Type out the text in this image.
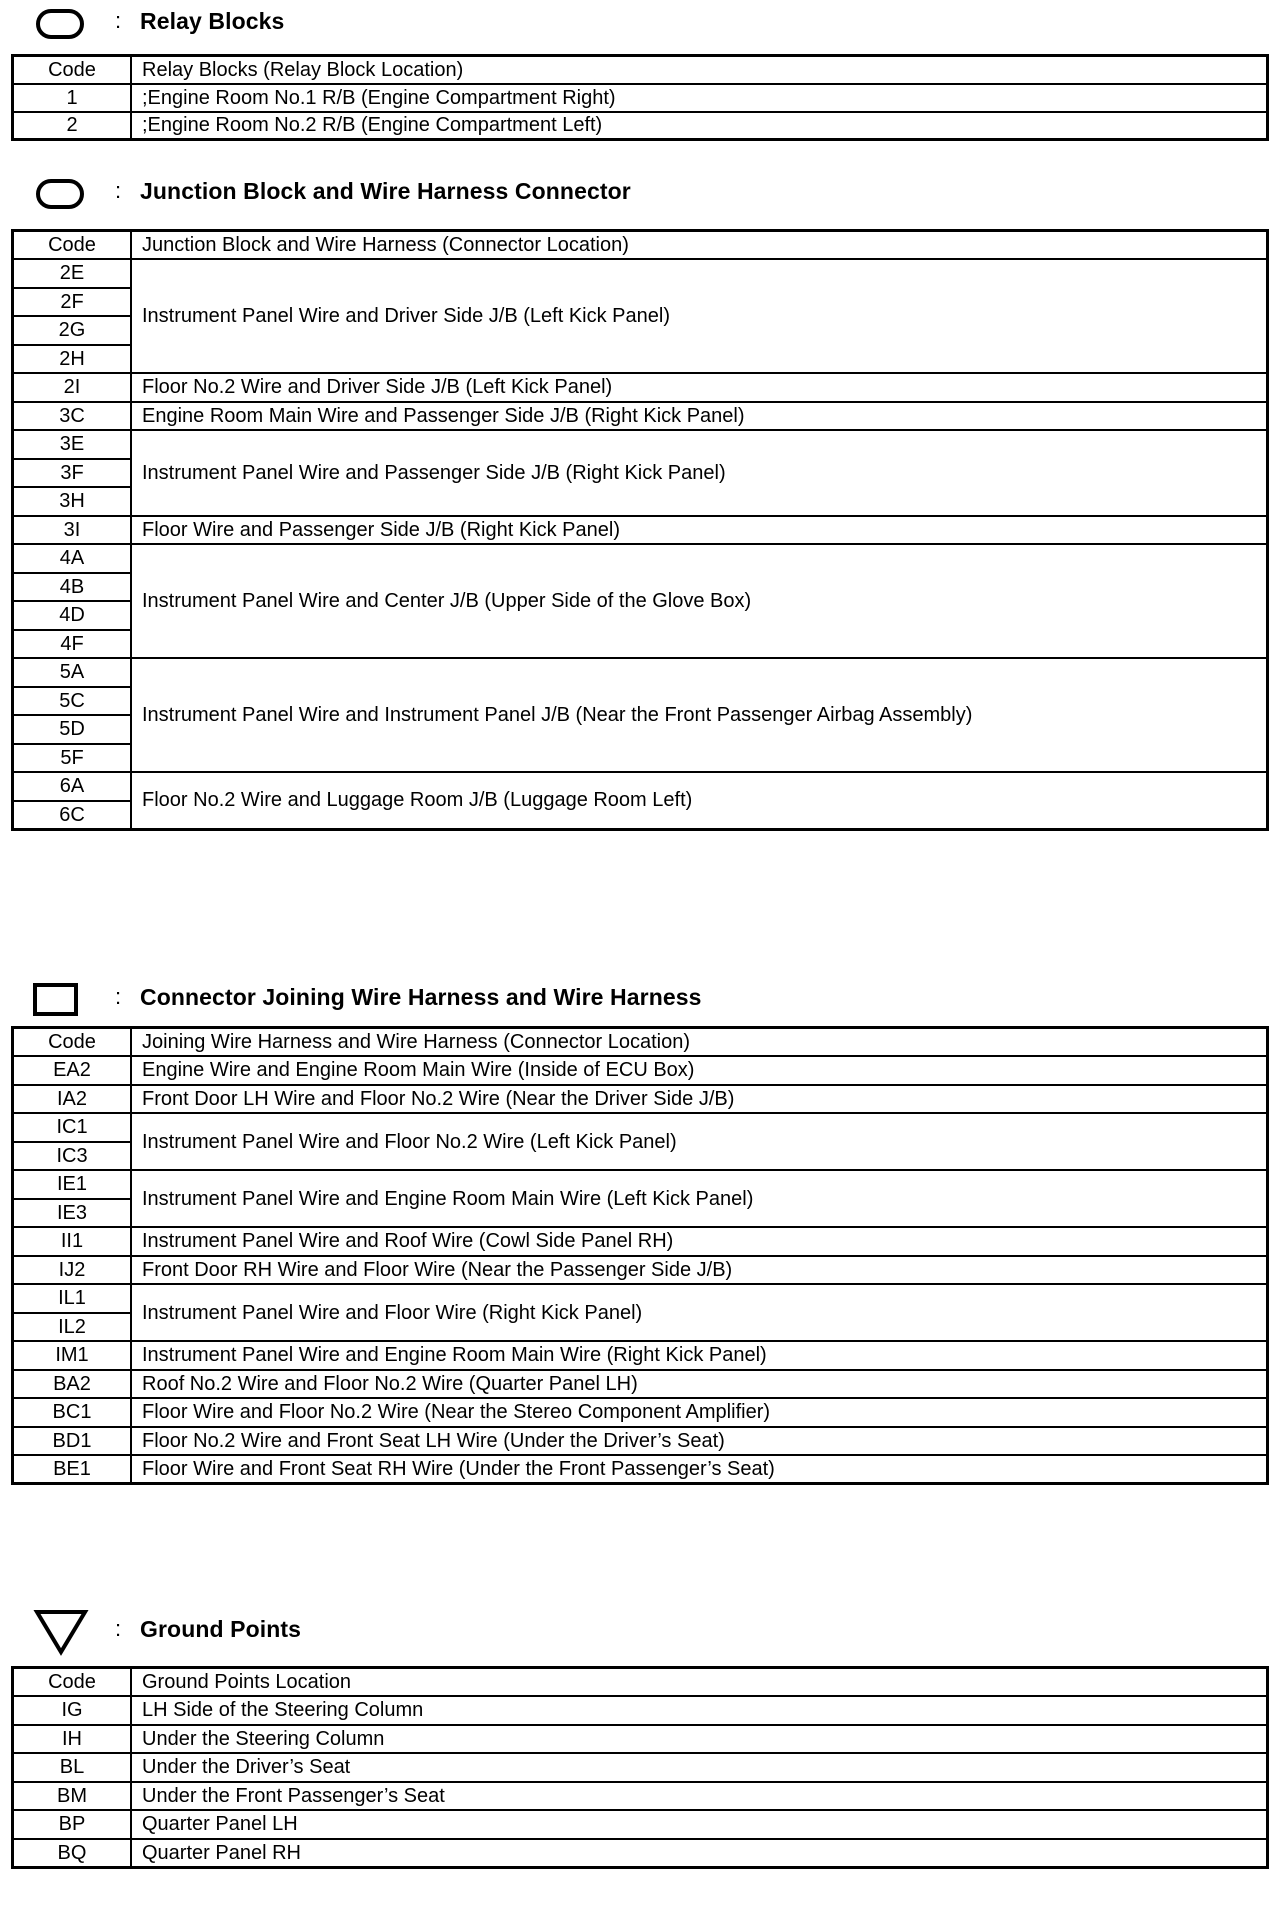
: Relay Blocks
Code	Relay Blocks (Relay Block Location)
1	;Engine Room No.1 R/B (Engine Compartment Right)
2	;Engine Room No.2 R/B (Engine Compartment Left)
: Junction Block and Wire Harness Connector
Code	Junction Block and Wire Harness (Connector Location)
2E	Instrument Panel Wire and Driver Side J/B (Left Kick Panel)
2F	
2G	
2H	
2I	Floor No.2 Wire and Driver Side J/B (Left Kick Panel)
3C	Engine Room Main Wire and Passenger Side J/B (Right Kick Panel)
3E	Instrument Panel Wire and Passenger Side J/B (Right Kick Panel)
3F	
3H	
3I	Floor Wire and Passenger Side J/B (Right Kick Panel)
4A	Instrument Panel Wire and Center J/B (Upper Side of the Glove Box)
4B	
4D	
4F	
5A	Instrument Panel Wire and Instrument Panel J/B (Near the Front Passenger Airbag Assembly)
5C	
5D	
5F	
6A	Floor No.2 Wire and Luggage Room J/B (Luggage Room Left)
6C	
: Connector Joining Wire Harness and Wire Harness
Code	Joining Wire Harness and Wire Harness (Connector Location)
EA2	Engine Wire and Engine Room Main Wire (Inside of ECU Box)
IA2	Front Door LH Wire and Floor No.2 Wire (Near the Driver Side J/B)
IC1	Instrument Panel Wire and Floor No.2 Wire (Left Kick Panel)
IC3	
IE1	Instrument Panel Wire and Engine Room Main Wire (Left Kick Panel)
IE3	
II1	Instrument Panel Wire and Roof Wire (Cowl Side Panel RH)
IJ2	Front Door RH Wire and Floor Wire (Near the Passenger Side J/B)
IL1	Instrument Panel Wire and Floor Wire (Right Kick Panel)
IL2	
IM1	Instrument Panel Wire and Engine Room Main Wire (Right Kick Panel)
BA2	Roof No.2 Wire and Floor No.2 Wire (Quarter Panel LH)
BC1	Floor Wire and Floor No.2 Wire (Near the Stereo Component Amplifier)
BD1	Floor No.2 Wire and Front Seat LH Wire (Under the Driver’s Seat)
BE1	Floor Wire and Front Seat RH Wire (Under the Front Passenger’s Seat)
: Ground Points
Code	Ground Points Location
IG	LH Side of the Steering Column
IH	Under the Steering Column
BL	Under the Driver’s Seat
BM	Under the Front Passenger’s Seat
BP	Quarter Panel LH
BQ	Quarter Panel RH
